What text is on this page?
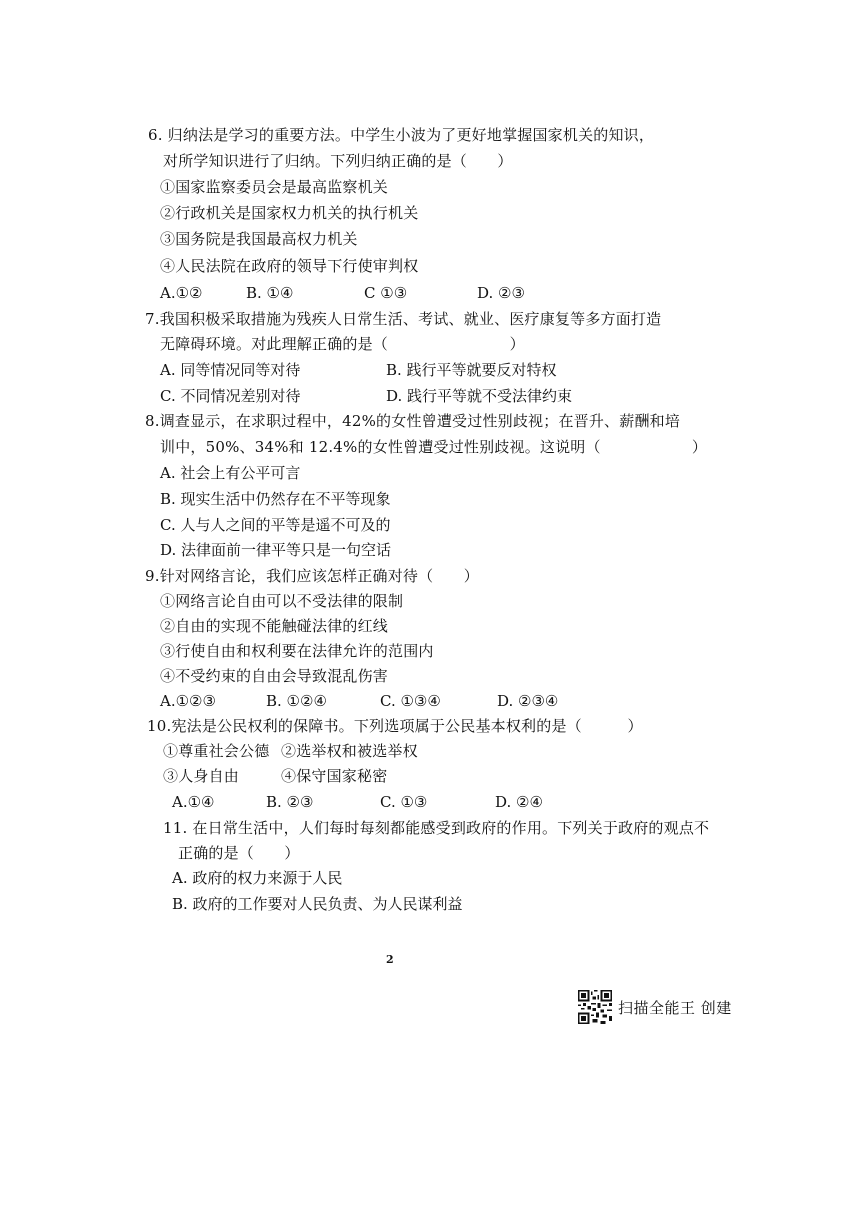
6. 归纳法是学习的重要方法。中学生小波为了更好地掌握国家机关的知识，
对所学知识进行了归纳。下列归纳正确的是（　　）
①国家监察委员会是最高监察机关
②行政机关是国家权力机关的执行机关
③国务院是我国最高权力机关
④人民法院在政府的领导下行使审判权
A.①②	B. ①④	C ①③	D. ②③
7.我国积极采取措施为残疾人日常生活、考试、就业、医疗康复等多方面打造
无障碍环境。对此理解正确的是（　　　　　　　　）
A. 同等情况同等对待	B. 践行平等就要反对特权
C. 不同情况差别对待	D. 践行平等就不受法律约束
8.调查显示，在求职过程中，42%的女性曾遭受过性别歧视；在晋升、薪酬和培
训中，50%、34%和 12.4%的女性曾遭受过性别歧视。这说明（　　　　　　）
A. 社会上有公平可言
B. 现实生活中仍然存在不平等现象
C. 人与人之间的平等是遥不可及的
D. 法律面前一律平等只是一句空话
9.针对网络言论，我们应该怎样正确对待（　　）
①网络言论自由可以不受法律的限制
②自由的实现不能触碰法律的红线
③行使自由和权利要在法律允许的范围内
④不受约束的自由会导致混乱伤害
A.①②③	B. ①②④	C. ①③④	D. ②③④
10.宪法是公民权利的保障书。下列选项属于公民基本权利的是（　　　）
①尊重社会公德 ②选举权和被选举权
③人身自由	④保守国家秘密
A.①④	B. ②③	C. ①③	D. ②④
11. 在日常生活中，人们每时每刻都能感受到政府的作用。下列关于政府的观点不
正确的是（　　）
A. 政府的权力来源于人民
B. 政府的工作要对人民负责、为人民谋利益
2
扫描全能王 创建
